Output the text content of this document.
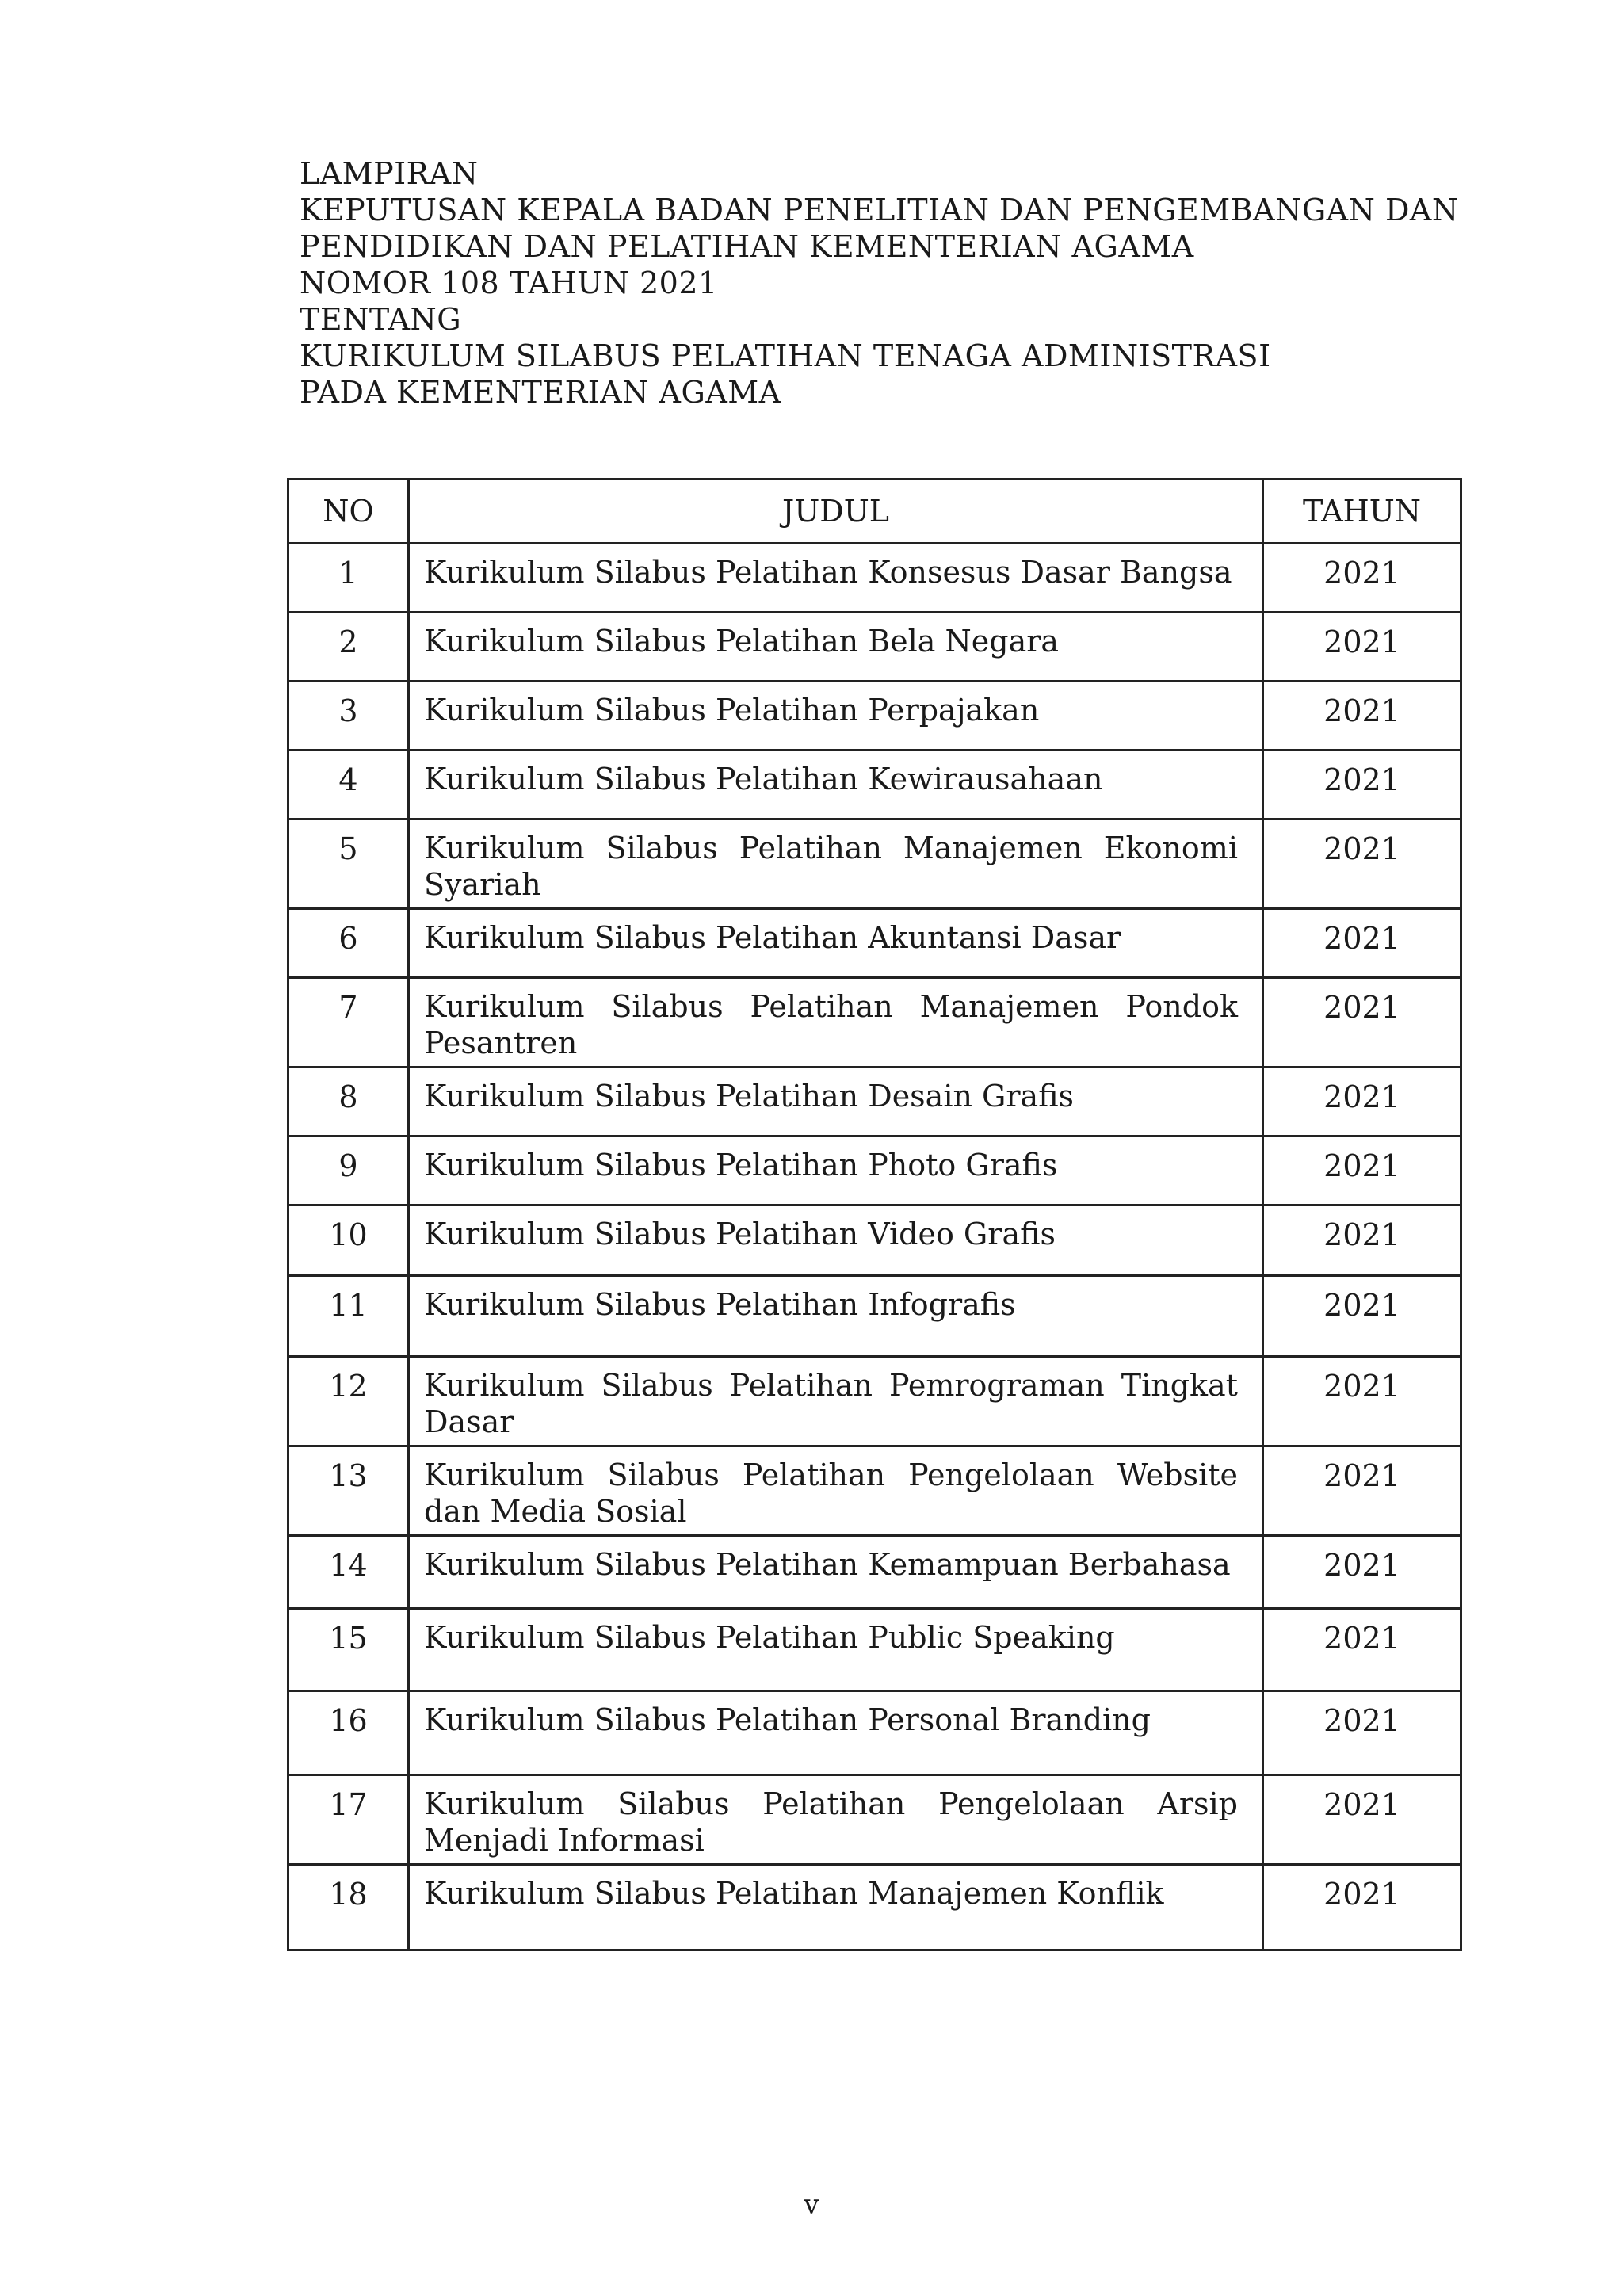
LAMPIRAN
KEPUTUSAN KEPALA BADAN PENELITIAN DAN PENGEMBANGAN DAN
PENDIDIKAN DAN PELATIHAN KEMENTERIAN AGAMA
NOMOR 108 TAHUN 2021
TENTANG
KURIKULUM SILABUS PELATIHAN TENAGA ADMINISTRASI
PADA KEMENTERIAN AGAMA
NO	JUDUL	TAHUN
1	Kurikulum Silabus Pelatihan Konsesus Dasar Bangsa	2021
2	Kurikulum Silabus Pelatihan Bela Negara	2021
3	Kurikulum Silabus Pelatihan Perpajakan	2021
4	Kurikulum Silabus Pelatihan Kewirausahaan	2021
5	Kurikulum Silabus Pelatihan Manajemen Ekonomi Syariah	2021
6	Kurikulum Silabus Pelatihan Akuntansi Dasar	2021
7	Kurikulum Silabus Pelatihan Manajemen Pondok Pesantren	2021
8	Kurikulum Silabus Pelatihan Desain Grafis	2021
9	Kurikulum Silabus Pelatihan Photo Grafis	2021
10	Kurikulum Silabus Pelatihan Video Grafis	2021
11	Kurikulum Silabus Pelatihan Infografis	2021
12	Kurikulum Silabus Pelatihan Pemrograman Tingkat Dasar	2021
13	Kurikulum Silabus Pelatihan Pengelolaan Website dan Media Sosial	2021
14	Kurikulum Silabus Pelatihan Kemampuan Berbahasa	2021
15	Kurikulum Silabus Pelatihan Public Speaking	2021
16	Kurikulum Silabus Pelatihan Personal Branding	2021
17	Kurikulum Silabus Pelatihan Pengelolaan Arsip Menjadi Informasi	2021
18	Kurikulum Silabus Pelatihan Manajemen Konflik	2021
v
